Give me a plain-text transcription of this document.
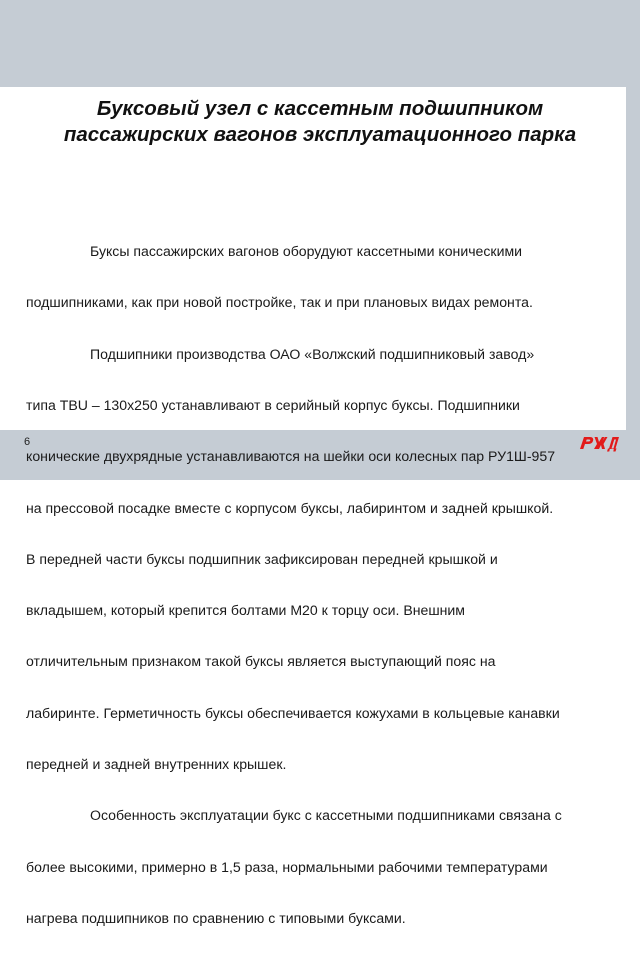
Буксовый узел с кассетным подшипником
пассажирских вагонов эксплуатационного парка

Буксы пассажирских вагонов оборудуют кассетными коническими

подшипниками, как при новой постройке, так и при плановых видах ремонта.

Подшипники производства ОАО «Волжский подшипниковый завод»

типа TBU – 130х250 устанавливают в серийный корпус буксы. Подшипники

конические двухрядные устанавливаются на шейки оси колесных пар РУ1Ш-957

на прессовой посадке вместе с корпусом буксы, лабиринтом и задней крышкой.

В передней части буксы подшипник зафиксирован передней крышкой и

вкладышем, который крепится болтами М20 к торцу оси. Внешним

отличительным признаком такой буксы является выступающий пояс на

лабиринте. Герметичность буксы обеспечивается кожухами в кольцевые канавки

передней и задней внутренних крышек.

Особенность эксплуатации букс с кассетными подшипниками связана с

более высокими, примерно в 1,5 раза, нормальными рабочими температурами

нагрева подшипников по сравнению с типовыми буксами.

6
